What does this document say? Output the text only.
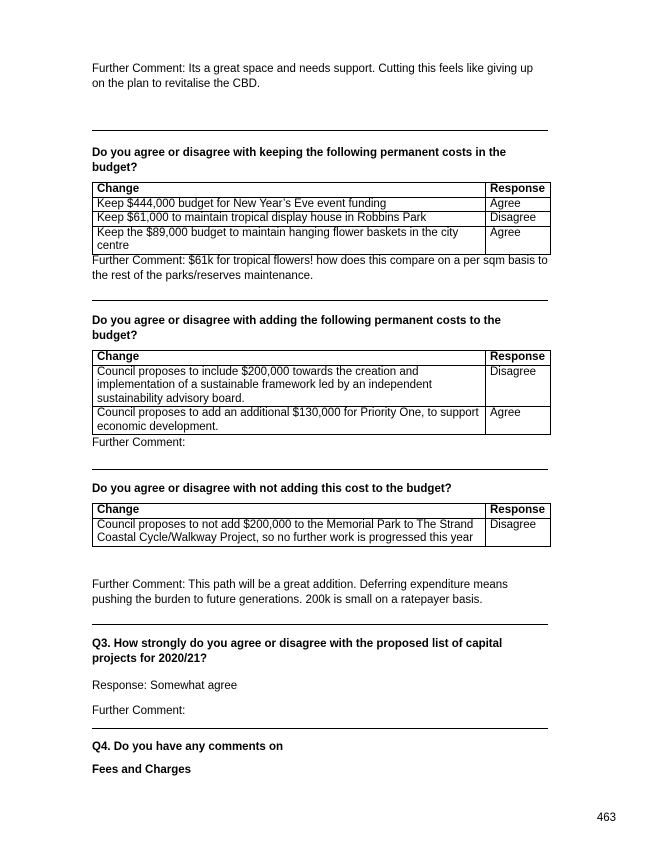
Further Comment: Its a great space and needs support. Cutting this feels like giving up on the plan to revitalise the CBD.

Do you agree or disagree with keeping the following permanent costs in the budget?

Change	Response
Keep $444,000 budget for New Year’s Eve event funding	Agree
Keep $61,000 to maintain tropical display house in Robbins Park	Disagree
Keep the $89,000 budget to maintain hanging flower baskets in the city centre	Agree

Further Comment: $61k for tropical flowers! how does this compare on a per sqm basis to the rest of the parks/reserves maintenance.

Do you agree or disagree with adding the following permanent costs to the budget?

Change	Response
Council proposes to include $200,000 towards the creation and implementation of a sustainable framework led by an independent sustainability advisory board.	Disagree
Council proposes to add an additional $130,000 for Priority One, to support economic development.	Agree

Further Comment:

Do you agree or disagree with not adding this cost to the budget?

Change	Response
Council proposes to not add $200,000 to the Memorial Park to The Strand Coastal Cycle/Walkway Project, so no further work is progressed this year	Disagree

Further Comment: This path will be a great addition. Deferring expenditure means pushing the burden to future generations. 200k is small on a ratepayer basis.

Q3. How strongly do you agree or disagree with the proposed list of capital projects for 2020/21?

Response: Somewhat agree

Further Comment:

Q4. Do you have any comments on

Fees and Charges

463
